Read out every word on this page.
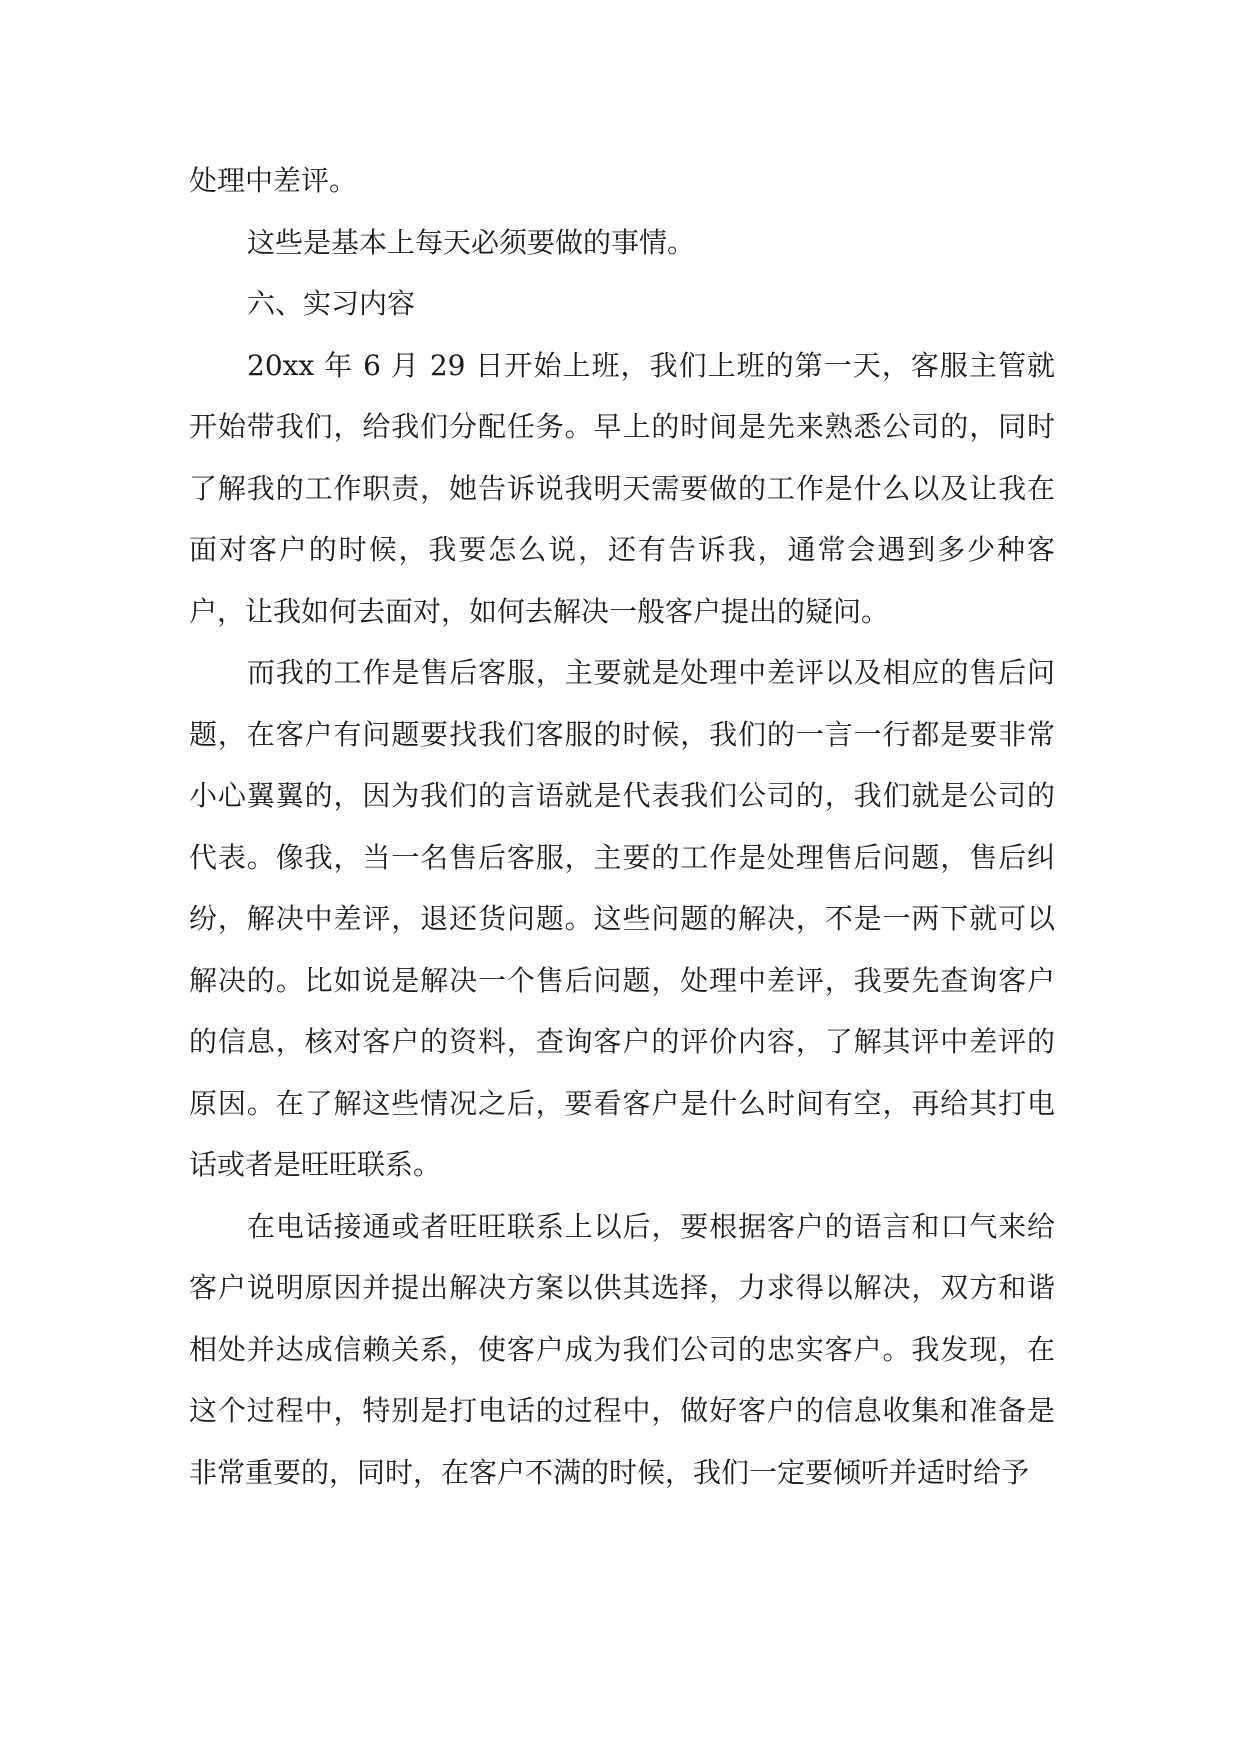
处理中差评。

这些是基本上每天必须要做的事情。

六、实习内容

20xx 年 6 月 29 日开始上班，我们上班的第一天，客服主管就开始带我们，给我们分配任务。早上的时间是先来熟悉公司的，同时了解我的工作职责，她告诉说我明天需要做的工作是什么以及让我在面对客户的时候，我要怎么说，还有告诉我，通常会遇到多少种客户，让我如何去面对，如何去解决一般客户提出的疑问。

而我的工作是售后客服，主要就是处理中差评以及相应的售后问题，在客户有问题要找我们客服的时候，我们的一言一行都是要非常小心翼翼的，因为我们的言语就是代表我们公司的，我们就是公司的代表。像我，当一名售后客服，主要的工作是处理售后问题，售后纠纷，解决中差评，退还货问题。这些问题的解决，不是一两下就可以解决的。比如说是解决一个售后问题，处理中差评，我要先查询客户的信息，核对客户的资料，查询客户的评价内容，了解其评中差评的原因。在了解这些情况之后，要看客户是什么时间有空，再给其打电话或者是旺旺联系。

在电话接通或者旺旺联系上以后，要根据客户的语言和口气来给客户说明原因并提出解决方案以供其选择，力求得以解决，双方和谐相处并达成信赖关系，使客户成为我们公司的忠实客户。我发现，在这个过程中，特别是打电话的过程中，做好客户的信息收集和准备是非常重要的，同时，在客户不满的时候，我们一定要倾听并适时给予
